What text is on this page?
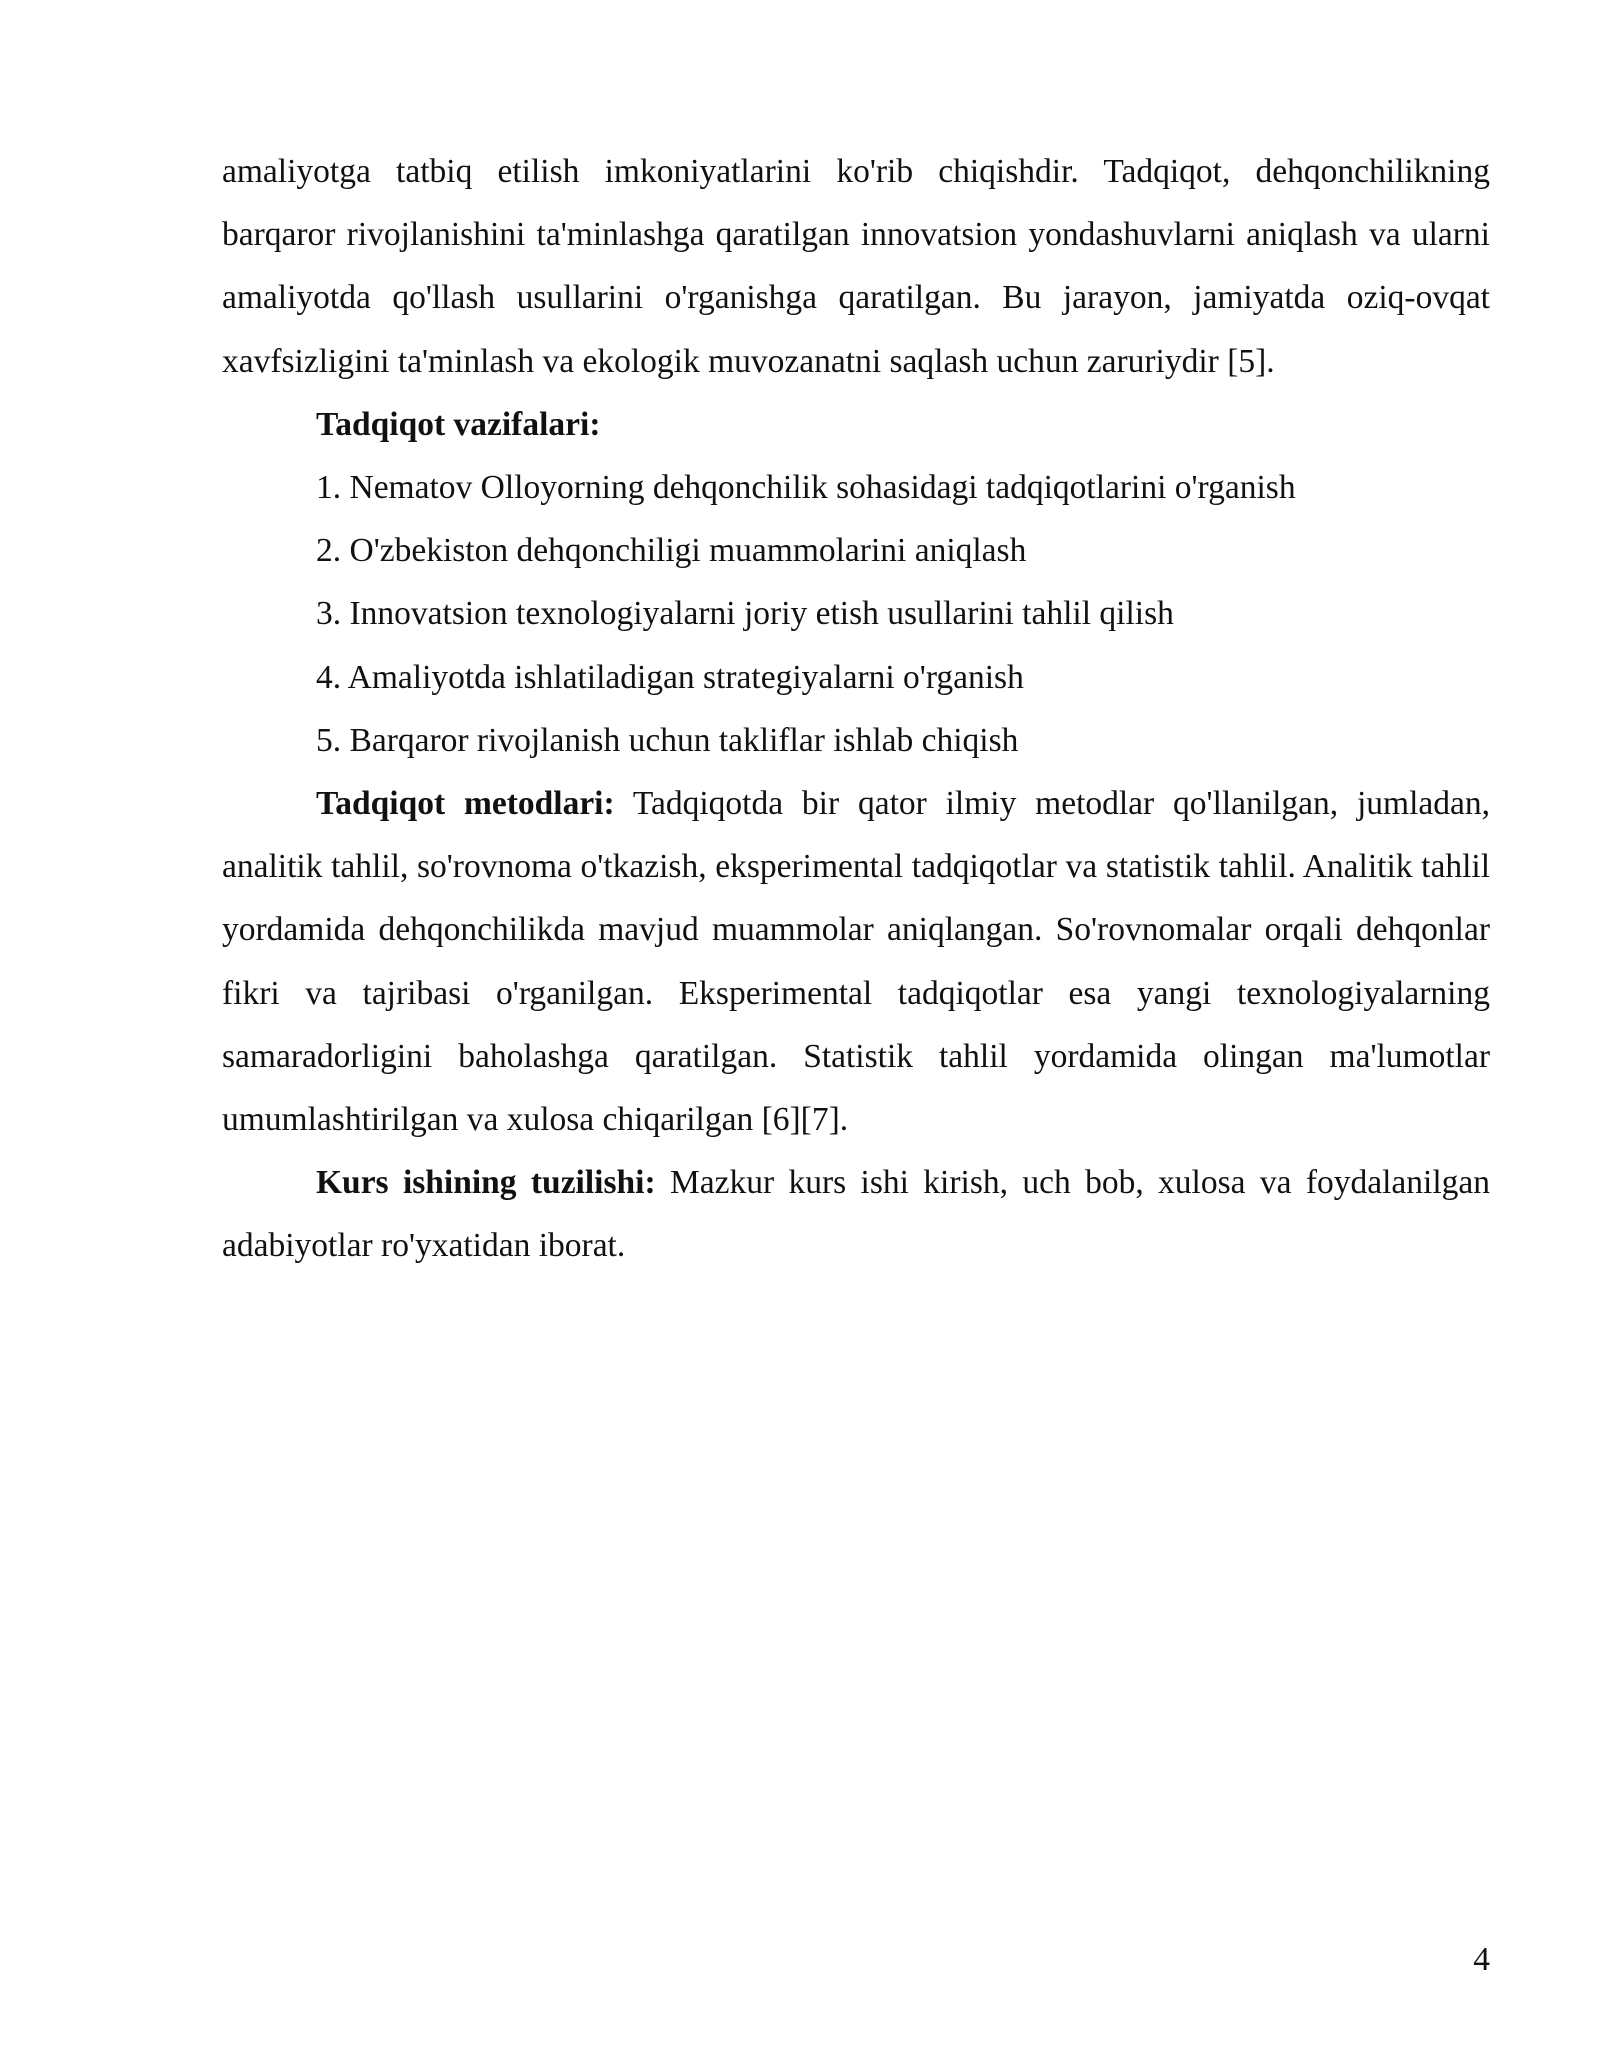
amaliyotga tatbiq etilish imkoniyatlarini ko'rib chiqishdir. Tadqiqot, dehqonchilikning barqaror rivojlanishini ta'minlashga qaratilgan innovatsion yondashuvlarni aniqlash va ularni amaliyotda qo'llash usullarini o'rganishga qaratilgan. Bu jarayon, jamiyatda oziq-ovqat xavfsizligini ta'minlash va ekologik muvozanatni saqlash uchun zaruriydir [5].

Tadqiqot vazifalari:

1. Nematov Olloyorning dehqonchilik sohasidagi tadqiqotlarini o'rganish
2. O'zbekiston dehqonchiligi muammolarini aniqlash
3. Innovatsion texnologiyalarni joriy etish usullarini tahlil qilish
4. Amaliyotda ishlatiladigan strategiyalarni o'rganish
5. Barqaror rivojlanish uchun takliflar ishlab chiqish

Tadqiqot metodlari: Tadqiqotda bir qator ilmiy metodlar qo'llanilgan, jumladan, analitik tahlil, so'rovnoma o'tkazish, eksperimental tadqiqotlar va statistik tahlil. Analitik tahlil yordamida dehqonchilikda mavjud muammolar aniqlangan. So'rovnomalar orqali dehqonlar fikri va tajribasi o'rganilgan. Eksperimental tadqiqotlar esa yangi texnologiyalarning samaradorligini baholashga qaratilgan. Statistik tahlil yordamida olingan ma'lumotlar umumlashtirilgan va xulosa chiqarilgan [6][7].

Kurs ishining tuzilishi: Mazkur kurs ishi kirish, uch bob, xulosa va foydalanilgan adabiyotlar ro'yxatidan iborat.

4
